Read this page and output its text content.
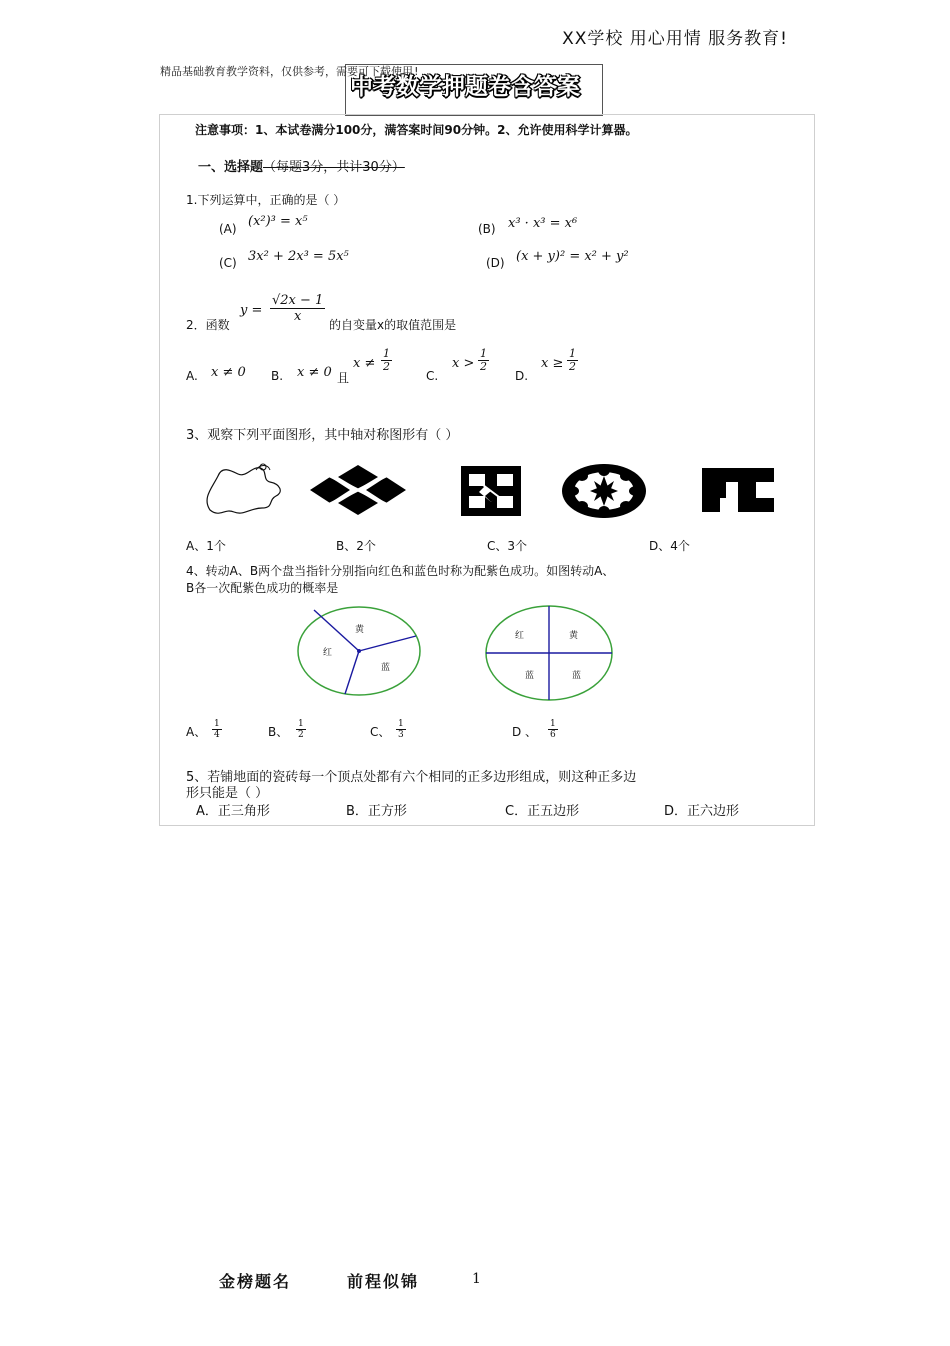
XX学校 用心用情 服务教育!
精品基础教育教学资料，仅供参考，需要可下载使用!
中考数学押题卷含答案
注意事项：1、本试卷满分100分，满答案时间90分钟。2、允许使用科学计算器。
一、选择题（每题3分，共计30分）
1.下列运算中，正确的是（ ）
(A) (x²)³ = x⁵	(B) x³ · x³ = x⁶
(C) 3x² + 2x³ = 5x⁵	(D) (x + y)² = x² + y²
2．函数
$y = \frac{√2x - 1}{x}$
的自变量x的取值范围是
A. x ≠ 0 B. x ≠ 0 且
$x \ne \frac{1}{2}$
C.
$x > \frac{1}{2}$
D.
$x \ge \frac{1}{2}$
3、观察下列平面图形，其中轴对称图形有（ ）
A、1个	B、2个	C、3个	D、4个
4、转动A、B两个盘当指针分别指向红色和蓝色时称为配紫色成功。如图转动A、
B各一次配紫色成功的概率是
黄
红
蓝
红	黄
蓝	蓝
A、 $\frac{1}{4}$	B、 $\frac{1}{2}$	C、 $\frac{1}{3}$	D 、 $\frac{1}{6}$
5、若铺地面的瓷砖每一个顶点处都有六个相同的正多边形组成，则这种正多边
形只能是（ ）
A．正三角形	B．正方形	C．正五边形	D．正六边形
金榜题名	前程似锦	1
